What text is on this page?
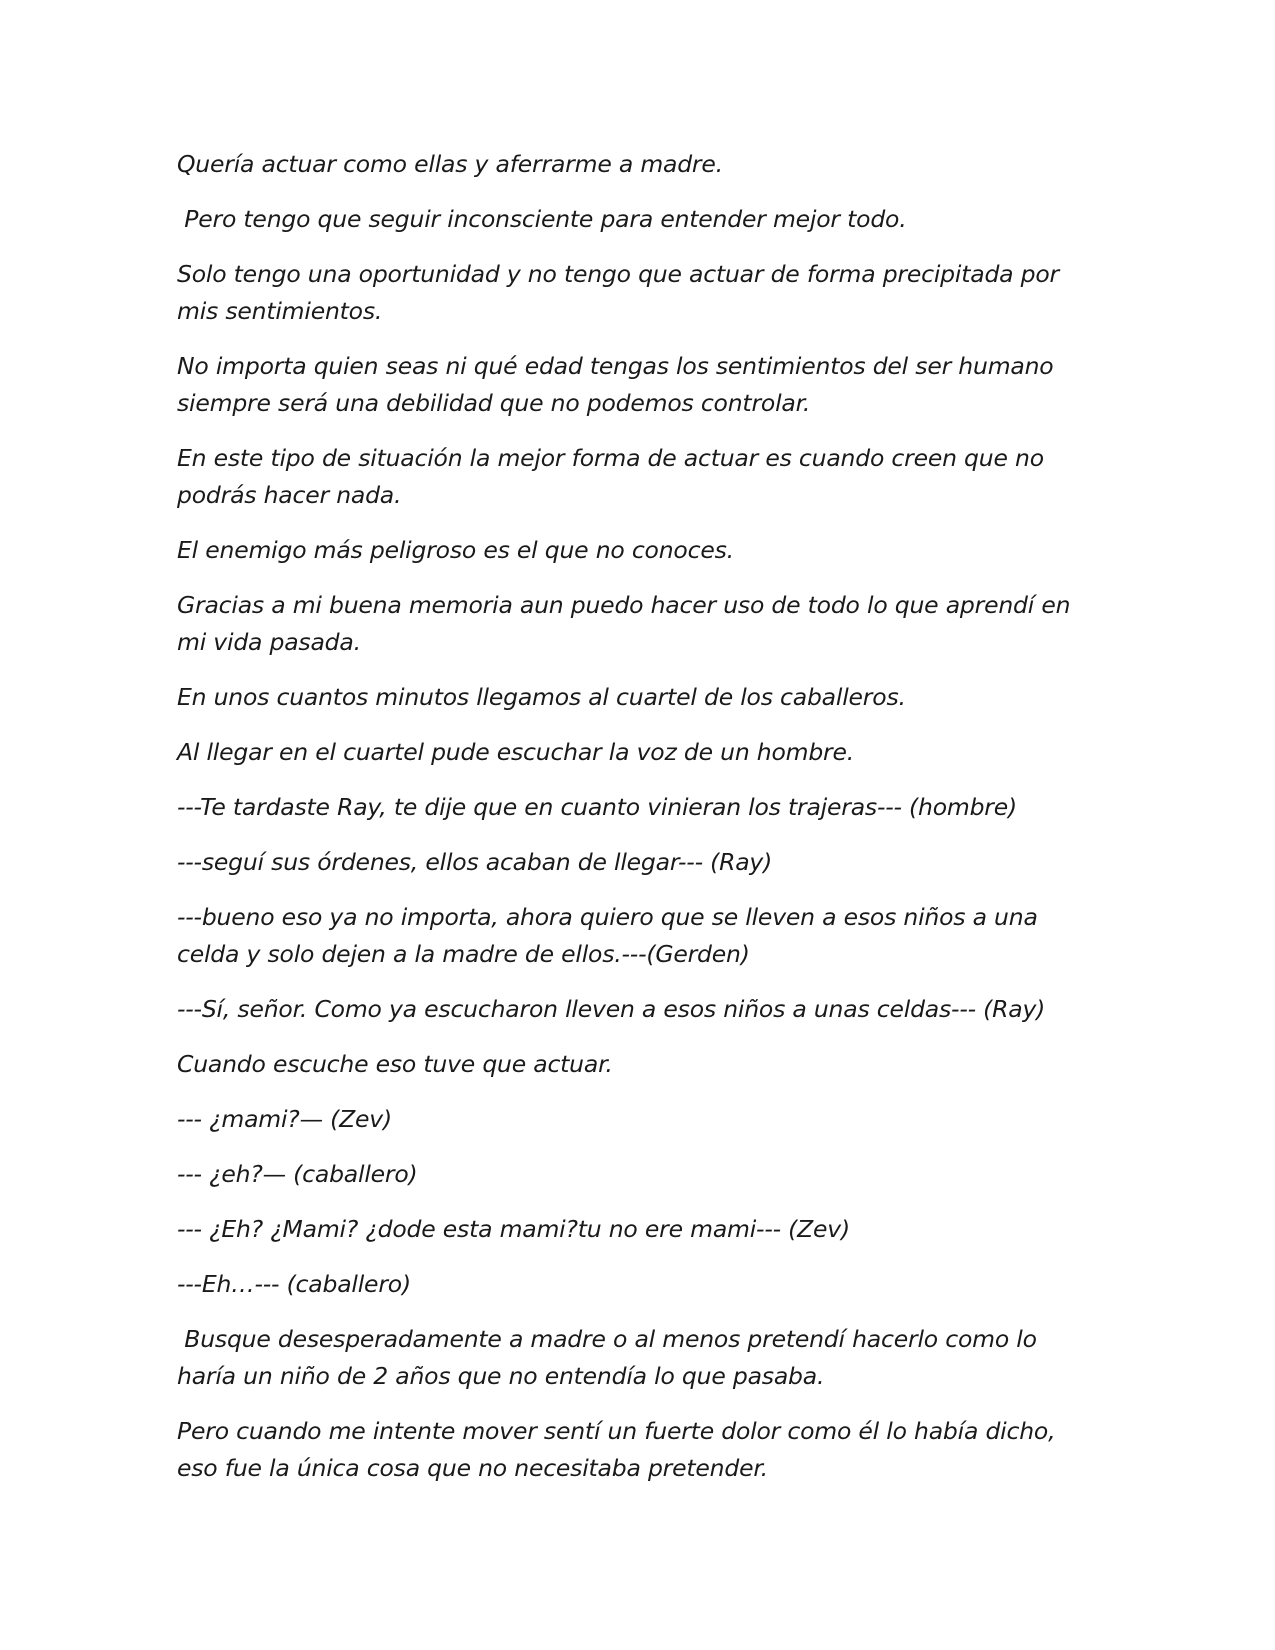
Quería actuar como ellas y aferrarme a madre.

Pero tengo que seguir inconsciente para entender mejor todo.

Solo tengo una oportunidad y no tengo que actuar de forma precipitada por mis sentimientos.

No importa quien seas ni qué edad tengas los sentimientos del ser humano siempre será una debilidad que no podemos controlar.

En este tipo de situación la mejor forma de actuar es cuando creen que no podrás hacer nada.

El enemigo más peligroso es el que no conoces.

Gracias a mi buena memoria aun puedo hacer uso de todo lo que aprendí en mi vida pasada.

En unos cuantos minutos llegamos al cuartel de los caballeros.

Al llegar en el cuartel pude escuchar la voz de un hombre.

---Te tardaste Ray, te dije que en cuanto vinieran los trajeras--- (hombre)

---seguí sus órdenes, ellos acaban de llegar--- (Ray)

---bueno eso ya no importa, ahora quiero que se lleven a esos niños a una celda y solo dejen a la madre de ellos.---(Gerden)

---Sí, señor. Como ya escucharon lleven a esos niños a unas celdas--- (Ray)

Cuando escuche eso tuve que actuar.

--- ¿mami?— (Zev)

--- ¿eh?— (caballero)

--- ¿Eh? ¿Mami? ¿dode esta mami?tu no ere mami--- (Zev)

---Eh…--- (caballero)

Busque desesperadamente a madre o al menos pretendí hacerlo como lo haría un niño de 2 años que no entendía lo que pasaba.

Pero cuando me intente mover sentí un fuerte dolor como él lo había dicho, eso fue la única cosa que no necesitaba pretender.
